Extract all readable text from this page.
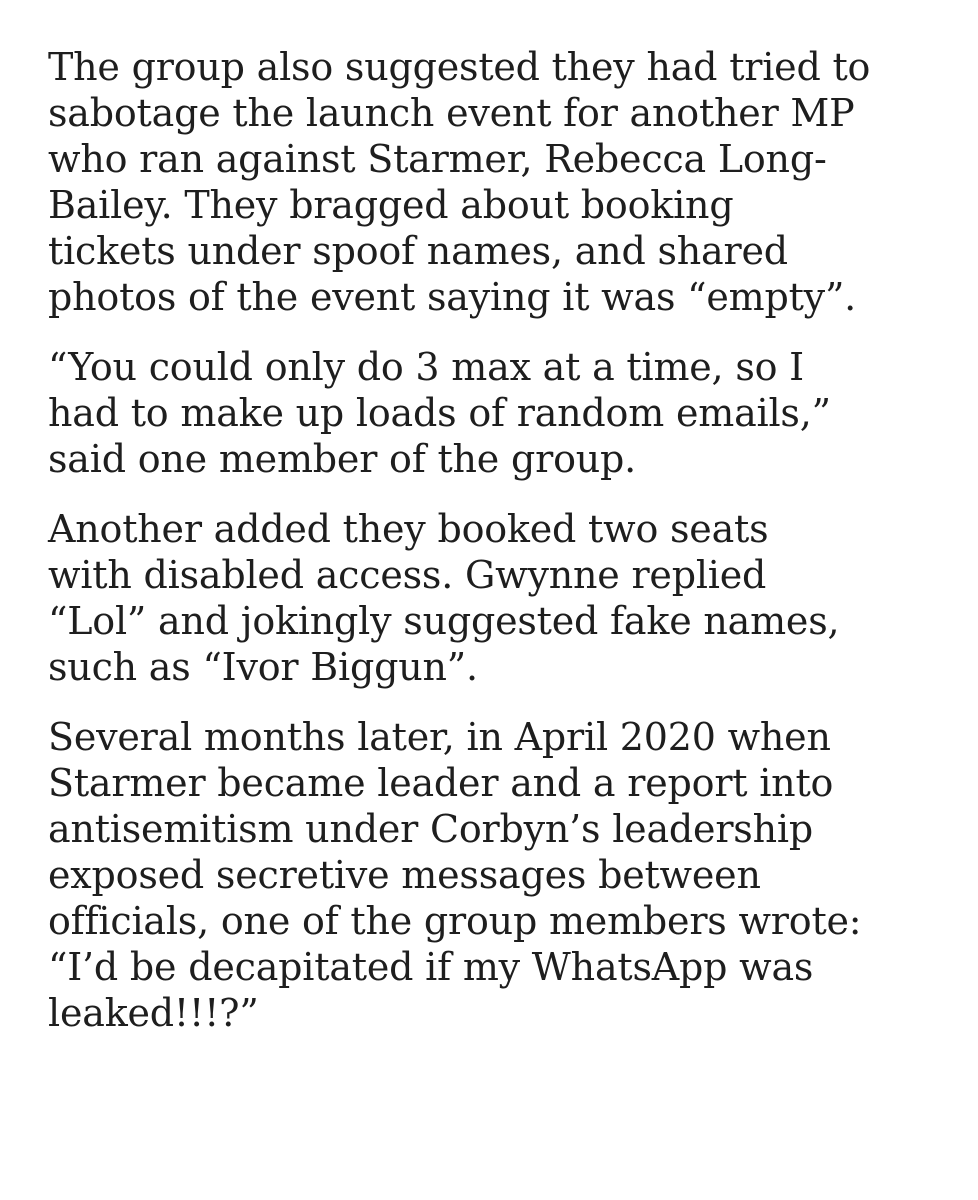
The group also suggested they had tried to
sabotage the launch event for another MP
who ran against Starmer, Rebecca Long-
Bailey. They bragged about booking
tickets under spoof names, and shared
photos of the event saying it was “empty”.

“You could only do 3 max at a time, so I
had to make up loads of random emails,”
said one member of the group.

Another added they booked two seats
with disabled access. Gwynne replied
“Lol” and jokingly suggested fake names,
such as “Ivor Biggun”.

Several months later, in April 2020 when
Starmer became leader and a report into
antisemitism under Corbyn’s leadership
exposed secretive messages between
officials, one of the group members wrote:
“I’d be decapitated if my WhatsApp was
leaked!!!?”
